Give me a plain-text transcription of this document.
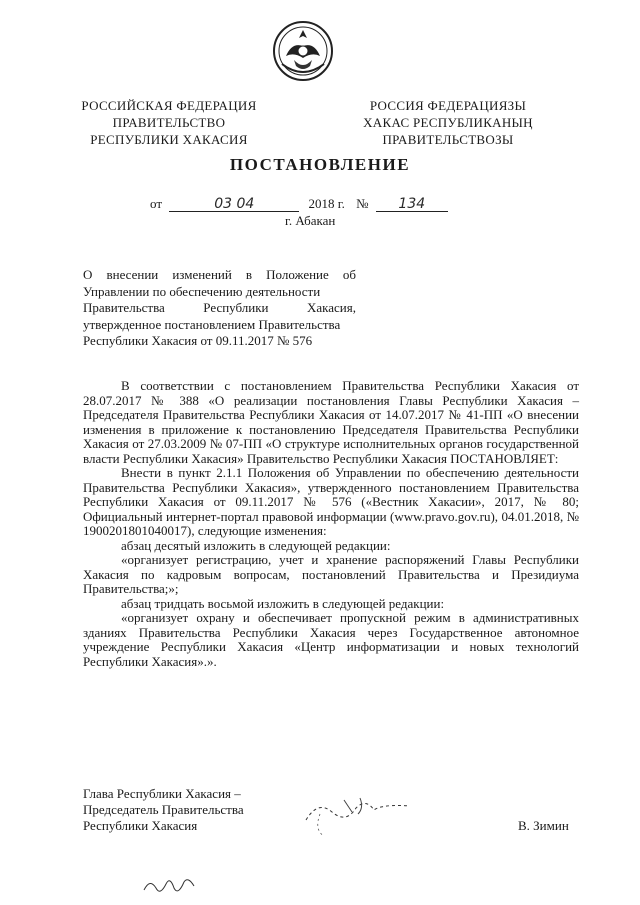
РОССИЙСКАЯ ФЕДЕРАЦИЯ
ПРАВИТЕЛЬСТВО
РЕСПУБЛИКИ ХАКАСИЯ
РОССИЯ ФЕДЕРАЦИЯЗЫ
ХАКАС РЕСПУБЛИКАНЫҢ
ПРАВИТЕЛЬСТВОЗЫ
ПОСТАНОВЛЕНИЕ
от	03 04	2018 г. № 134
г. Абакан
О внесении изменений в Положение об
Управлении по обеспечению деятельности
Правительства Республики Хакасия,
утвержденное постановлением Правительства
Республики Хакасия от 09.11.2017 № 576

В соответствии с постановлением Правительства Республики Хакасия от 28.07.2017 № 388 «О реализации постановления Главы Республики Хакасия – Председателя Правительства Республики Хакасия от 14.07.2017 № 41-ПП «О внесении изменения в приложение к постановлению Председателя Правительства Республики Хакасия от 27.03.2009 № 07-ПП «О структуре исполнительных органов государственной власти Республики Хакасия» Правительство Республики Хакасия ПОСТАНОВЛЯЕТ:

Внести в пункт 2.1.1 Положения об Управлении по обеспечению деятельности Правительства Республики Хакасия», утвержденного постановлением Правительства Республики Хакасия от 09.11.2017 № 576 («Вестник Хакасии», 2017, № 80; Официальный интернет-портал правовой информации (www.pravo.gov.ru), 04.01.2018, № 1900201801040017), следующие изменения:

абзац десятый изложить в следующей редакции:

«организует регистрацию, учет и хранение распоряжений Главы Республики Хакасия по кадровым вопросам, постановлений Правительства и Президиума Правительства;»;

абзац тридцать восьмой изложить в следующей редакции:

«организует охрану и обеспечивает пропускной режим в административных зданиях Правительства Республики Хакасия через Государственное автономное учреждение Республики Хакасия «Центр информатизации и новых технологий Республики Хакасия».».

Глава Республики Хакасия –
Председатель Правительства
Республики Хакасия	В. Зимин
